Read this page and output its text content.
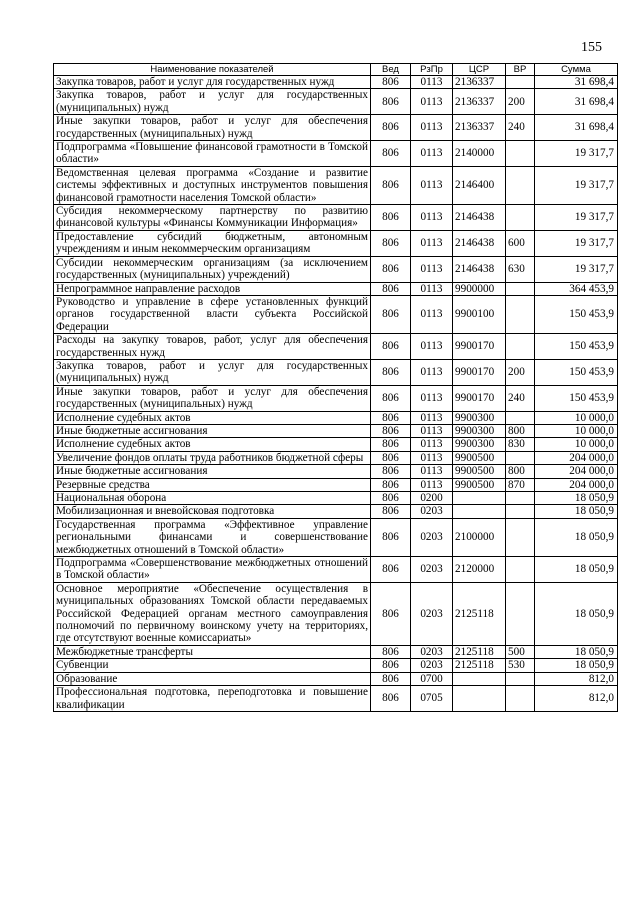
155
Наименование показателей	Вед	РзПр	ЦСР	ВР	Сумма
Закупка товаров, работ и услуг для государственных нужд	806	0113	2136337		31 698,4
Закупка товаров, работ и услуг для государственных (муниципальных) нужд	806	0113	2136337	200	31 698,4
Иные закупки товаров, работ и услуг для обеспечения государственных (муниципальных) нужд	806	0113	2136337	240	31 698,4
Подпрограмма «Повышение финансовой грамотности в Томской области»	806	0113	2140000		19 317,7
Ведомственная целевая программа «Создание и развитие системы эффективных и доступных инструментов повышения финансовой грамотности населения Томской области»	806	0113	2146400		19 317,7
Субсидия некоммерческому партнерству по развитию финансовой культуры «Финансы Коммуникации Информация»	806	0113	2146438		19 317,7
Предоставление субсидий бюджетным, автономным учреждениям и иным некоммерческим организациям	806	0113	2146438	600	19 317,7
Субсидии некоммерческим организациям (за исключением государственных (муниципальных) учреждений)	806	0113	2146438	630	19 317,7
Непрограммное направление расходов	806	0113	9900000		364 453,9
Руководство и управление в сфере установленных функций органов государственной власти субъекта Российской Федерации	806	0113	9900100		150 453,9
Расходы на закупку товаров, работ, услуг для обеспечения государственных нужд	806	0113	9900170		150 453,9
Закупка товаров, работ и услуг для государственных (муниципальных) нужд	806	0113	9900170	200	150 453,9
Иные закупки товаров, работ и услуг для обеспечения государственных (муниципальных) нужд	806	0113	9900170	240	150 453,9
Исполнение судебных актов	806	0113	9900300		10 000,0
Иные бюджетные ассигнования	806	0113	9900300	800	10 000,0
Исполнение судебных актов	806	0113	9900300	830	10 000,0
Увеличение фондов оплаты труда работников бюджетной сферы	806	0113	9900500		204 000,0
Иные бюджетные ассигнования	806	0113	9900500	800	204 000,0
Резервные средства	806	0113	9900500	870	204 000,0
Национальная оборона	806	0200			18 050,9
Мобилизационная и вневойсковая подготовка	806	0203			18 050,9
Государственная программа «Эффективное управление региональными финансами и совершенствование межбюджетных отношений в Томской области»	806	0203	2100000		18 050,9
Подпрограмма «Совершенствование межбюджетных отношений в Томской области»	806	0203	2120000		18 050,9
Основное мероприятие «Обеспечение осуществления в муниципальных образованиях Томской области передаваемых Российской Федерацией органам местного самоуправления полномочий по первичному воинскому учету на территориях, где отсутствуют военные комиссариаты»	806	0203	2125118		18 050,9
Межбюджетные трансферты	806	0203	2125118	500	18 050,9
Субвенции	806	0203	2125118	530	18 050,9
Образование	806	0700			812,0
Профессиональная подготовка, переподготовка и повышение квалификации	806	0705			812,0
